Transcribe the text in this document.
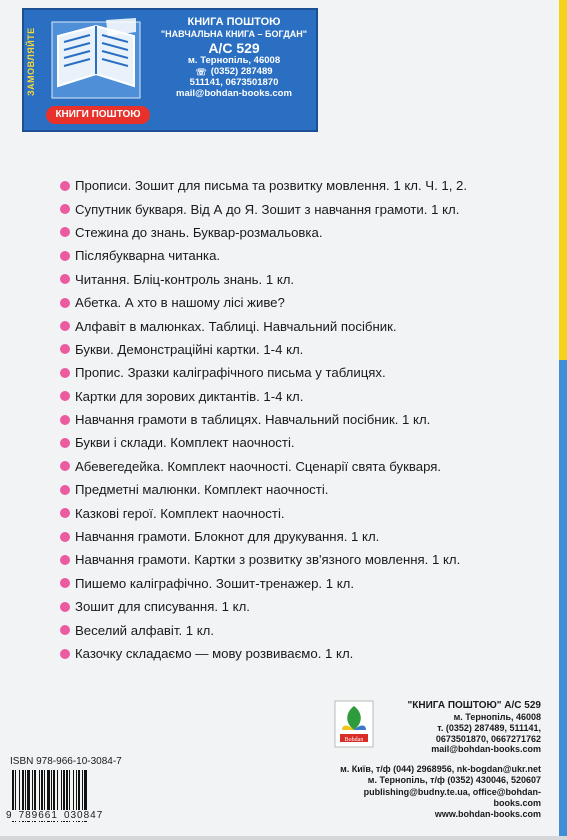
ЗАМОВЛЯЙТЕ
КНИГИ ПОШТОЮ
КНИГА ПОШТОЮ
"НАВЧАЛЬНА КНИГА – БОГДАН"
А/С 529
м. Тернопіль, 46008
☏ (0352) 287489
511141, 0673501870
mail@bohdan-books.com
Прописи. Зошит для письма та розвитку мовлення. 1 кл. Ч. 1, 2.
Супутник букваря. Від А до Я. Зошит з навчання грамоти. 1 кл.
Стежина до знань. Буквар-розмальовка.
Післябукварна читанка.
Читання. Бліц-контроль знань. 1 кл.
Абетка. А хто в нашому лісі живе?
Алфавіт в малюнках. Таблиці. Навчальний посібник.
Букви. Демонстраційні картки. 1-4 кл.
Пропис. Зразки каліграфічного письма у таблицях.
Картки для зорових диктантів. 1-4 кл.
Навчання грамоти в таблицях. Навчальний посібник. 1 кл.
Букви і склади. Комплект наочності.
Абевегедейка. Комплект наочності. Сценарії свята букваря.
Предметні малюнки. Комплект наочності.
Казкові герої. Комплект наочності.
Навчання грамоти. Блокнот для друкування. 1 кл.
Навчання грамоти. Картки з розвитку зв'язного мовлення. 1 кл.
Пишемо каліграфічно. Зошит-тренажер. 1 кл.
Зошит для списування. 1 кл.
Веселий алфавіт. 1 кл.
Казочку складаємо — мову розвиваємо. 1 кл.
Bohdan
"КНИГА ПОШТОЮ" А/С 529
м. Тернопіль, 46008
т. (0352) 287489, 511141,
0673501870, 0667271762
mail@bohdan-books.com
ISBN 978-966-10-3084-7
9 789661 030847
м. Київ, т/ф (044) 2968956, nk-bogdan@ukr.net
м. Тернопіль, т/ф (0352) 430046, 520607
publishing@budny.te.ua, office@bohdan-books.com
www.bohdan-books.com
